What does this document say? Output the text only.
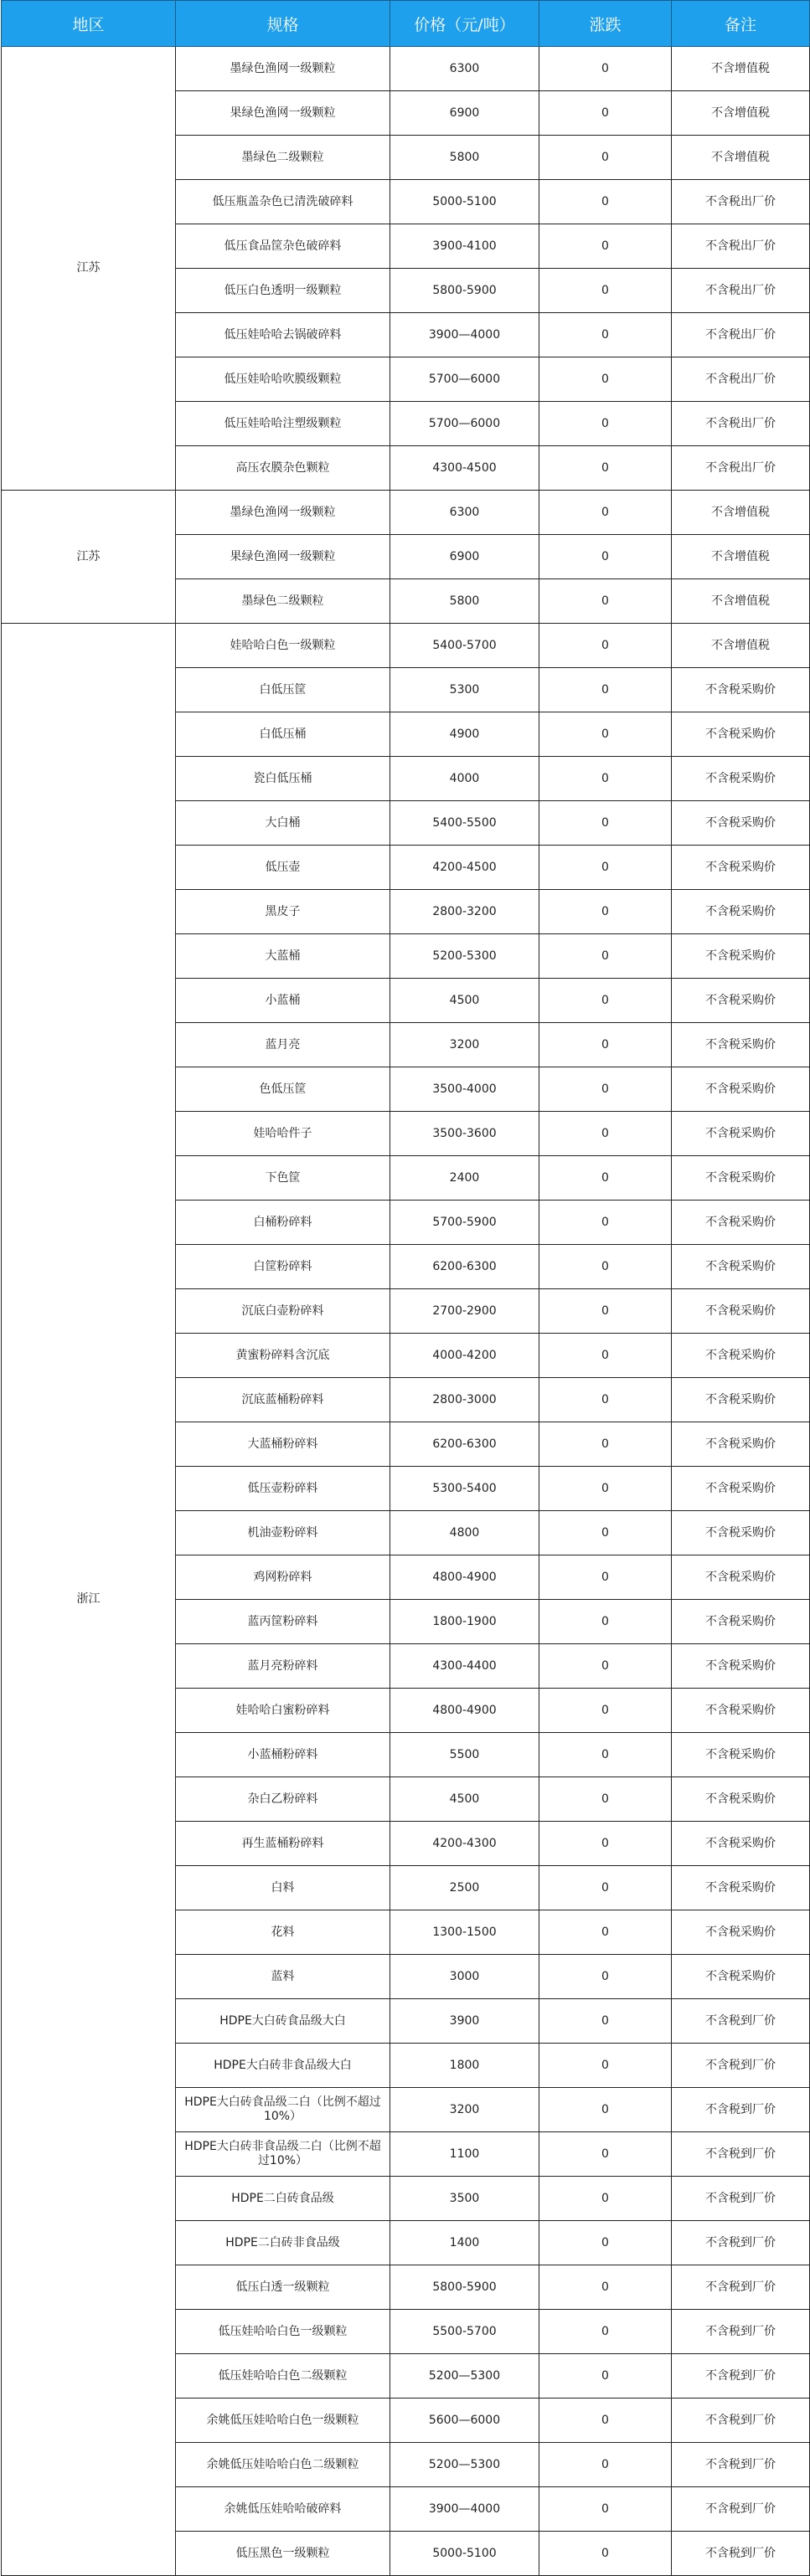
地区	规格	价格（元/吨）	涨跌	备注
江苏	墨绿色渔网一级颗粒	6300	0	不含增值税
	果绿色渔网一级颗粒	6900	0	不含增值税
	墨绿色二级颗粒	5800	0	不含增值税
	低压瓶盖杂色已清洗破碎料	5000-5100	0	不含税出厂价
	低压食品筐杂色破碎料	3900-4100	0	不含税出厂价
	低压白色透明一级颗粒	5800-5900	0	不含税出厂价
	低压娃哈哈去锅破碎料	3900—4000	0	不含税出厂价
	低压娃哈哈吹膜级颗粒	5700—6000	0	不含税出厂价
	低压娃哈哈注塑级颗粒	5700—6000	0	不含税出厂价
	高压农膜杂色颗粒	4300-4500	0	不含税出厂价
江苏	墨绿色渔网一级颗粒	6300	0	不含增值税
	果绿色渔网一级颗粒	6900	0	不含增值税
	墨绿色二级颗粒	5800	0	不含增值税
浙江	娃哈哈白色一级颗粒	5400-5700	0	不含增值税
	白低压筐	5300	0	不含税采购价
	白低压桶	4900	0	不含税采购价
	瓷白低压桶	4000	0	不含税采购价
	大白桶	5400-5500	0	不含税采购价
	低压壶	4200-4500	0	不含税采购价
	黑皮子	2800-3200	0	不含税采购价
	大蓝桶	5200-5300	0	不含税采购价
	小蓝桶	4500	0	不含税采购价
	蓝月亮	3200	0	不含税采购价
	色低压筐	3500-4000	0	不含税采购价
	娃哈哈件子	3500-3600	0	不含税采购价
	下色筐	2400	0	不含税采购价
	白桶粉碎料	5700-5900	0	不含税采购价
	白筐粉碎料	6200-6300	0	不含税采购价
	沉底白壶粉碎料	2700-2900	0	不含税采购价
	黄蜜粉碎料含沉底	4000-4200	0	不含税采购价
	沉底蓝桶粉碎料	2800-3000	0	不含税采购价
	大蓝桶粉碎料	6200-6300	0	不含税采购价
	低压壶粉碎料	5300-5400	0	不含税采购价
	机油壶粉碎料	4800	0	不含税采购价
	鸡网粉碎料	4800-4900	0	不含税采购价
	蓝丙筐粉碎料	1800-1900	0	不含税采购价
	蓝月亮粉碎料	4300-4400	0	不含税采购价
	娃哈哈白蜜粉碎料	4800-4900	0	不含税采购价
	小蓝桶粉碎料	5500	0	不含税采购价
	杂白乙粉碎料	4500	0	不含税采购价
	再生蓝桶粉碎料	4200-4300	0	不含税采购价
	白料	2500	0	不含税采购价
	花料	1300-1500	0	不含税采购价
	蓝料	3000	0	不含税采购价
	HDPE大白砖食品级大白	3900	0	不含税到厂价
	HDPE大白砖非食品级大白	1800	0	不含税到厂价
	HDPE大白砖食品级二白（比例不超过10%）	3200	0	不含税到厂价
	HDPE大白砖非食品级二白（比例不超过10%）	1100	0	不含税到厂价
	HDPE二白砖食品级	3500	0	不含税到厂价
	HDPE二白砖非食品级	1400	0	不含税到厂价
	低压白透一级颗粒	5800-5900	0	不含税到厂价
	低压娃哈哈白色一级颗粒	5500-5700	0	不含税到厂价
	低压娃哈哈白色二级颗粒	5200—5300	0	不含税到厂价
	余姚低压娃哈哈白色一级颗粒	5600—6000	0	不含税到厂价
	余姚低压娃哈哈白色二级颗粒	5200—5300	0	不含税到厂价
	余姚低压娃哈哈破碎料	3900—4000	0	不含税到厂价
	低压黑色一级颗粒	5000-5100	0	不含税到厂价
